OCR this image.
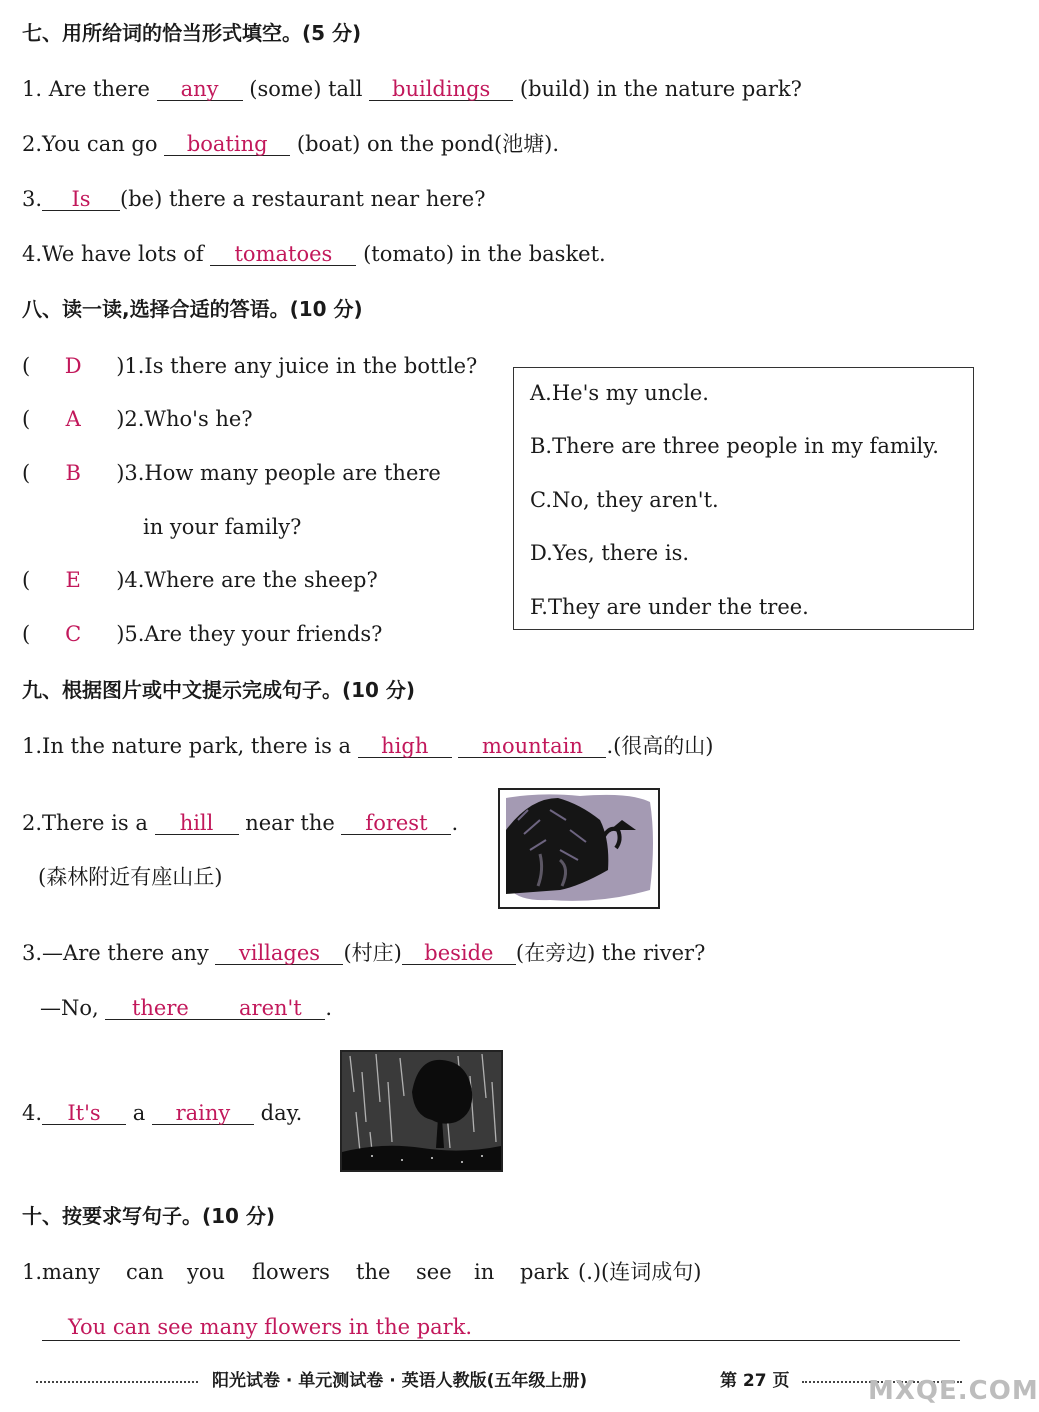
七、用所给词的恰当形式填空。(5 分)
1. Are there any (some) tall buildings (build) in the nature park?
2.You can go boating (boat) on the pond(池塘).
3. Is (be) there a restaurant near here?
4.We have lots of tomatoes (tomato) in the basket.
八、读一读,选择合适的答语。(10 分)
( D )1.Is there any juice in the bottle?
( A )2.Who's he?
( B )3.How many people are there
in your family?
( E )4.Where are the sheep?
( C )5.Are they your friends?
A.He's my uncle.
B.There are three people in my family.
C.No, they aren't.
D.Yes, there is.
F.They are under the tree.
九、根据图片或中文提示完成句子。(10 分)
1.In the nature park, there is a high	mountain .(很高的山)
2.There is a hill near the forest .
(森林附近有座山丘)
3.—Are there any villages (村庄) beside (在旁边) the river?
—No, there aren't .
4. It's a rainy day.
十、按要求写句子。(10 分)
1. many can you flowers the see in park (.)(连词成句)
You can see many flowers in the park.
阳光试卷 · 单元测试卷 · 英语人教版(五年级上册)	第 27 页	MXQE.COM
